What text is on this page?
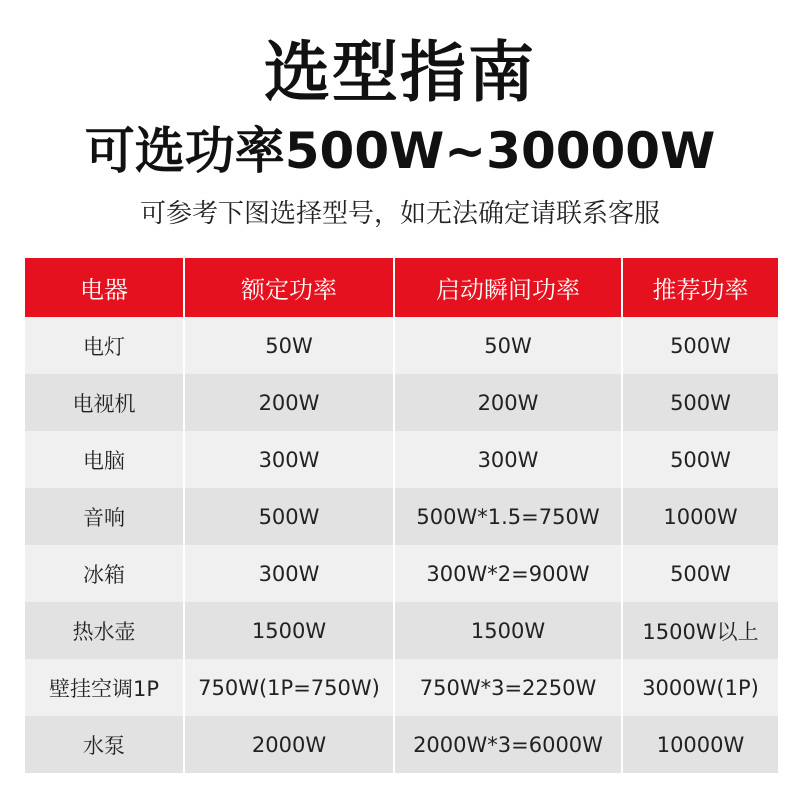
选型指南
可选功率500W~30000W
可参考下图选择型号，如无法确定请联系客服
电器	额定功率	启动瞬间功率	推荐功率
电灯	50W	50W	500W
电视机	200W	200W	500W
电脑	300W	300W	500W
音响	500W	500W*1.5=750W	1000W
冰箱	300W	300W*2=900W	500W
热水壶	1500W	1500W	1500W以上
壁挂空调1P	750W(1P=750W)	750W*3=2250W	3000W(1P)
水泵	2000W	2000W*3=6000W	10000W
